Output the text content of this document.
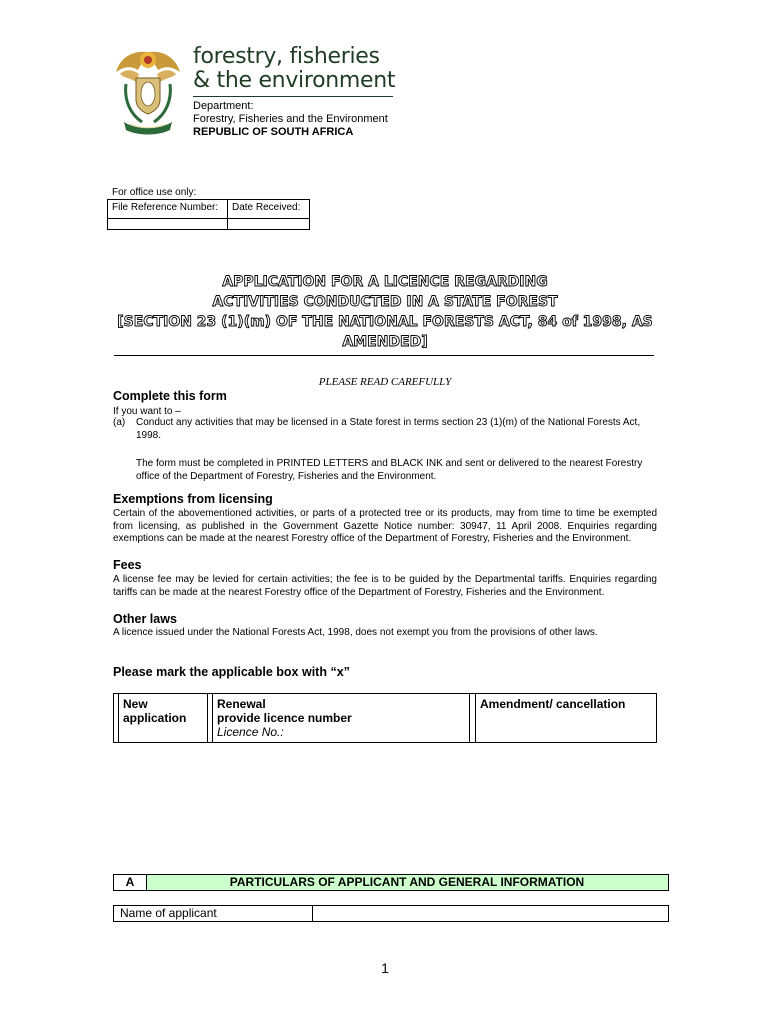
forestry, fisheries
& the environment
Department:
Forestry, Fisheries and the Environment
REPUBLIC OF SOUTH AFRICA
For office use only:
File Reference Number:	Date Received:

APPLICATION FOR A LICENCE REGARDING
ACTIVITIES CONDUCTED IN A STATE FOREST
[SECTION 23 (1)(m) OF THE NATIONAL FORESTS ACT, 84 of 1998, AS
AMENDED]
PLEASE READ CAREFULLY
Complete this form
If you want to –
(a) Conduct any activities that may be licensed in a State forest in terms section 23 (1)(m) of the National Forests Act, 1998.
The form must be completed in PRINTED LETTERS and BLACK INK and sent or delivered to the nearest Forestry office of the Department of Forestry, Fisheries and the Environment.
Exemptions from licensing
Certain of the abovementioned activities, or parts of a protected tree or its products, may from time to time be exempted from licensing, as published in the Government Gazette Notice number: 30947, 11 April 2008. Enquiries regarding exemptions can be made at the nearest Forestry office of the Department of Forestry, Fisheries and the Environment.
Fees
A license fee may be levied for certain activities; the fee is to be guided by the Departmental tariffs. Enquiries regarding tariffs can be made at the nearest Forestry office of the Department of Forestry, Fisheries and the Environment.
Other laws
A licence issued under the National Forests Act, 1998, does not exempt you from the provisions of other laws.
Please mark the applicable box with “x”

New
application

Renewal
provide licence number
Licence No.:

Amendment/ cancellation
A	PARTICULARS OF APPLICANT AND GENERAL INFORMATION
Name of applicant
1
